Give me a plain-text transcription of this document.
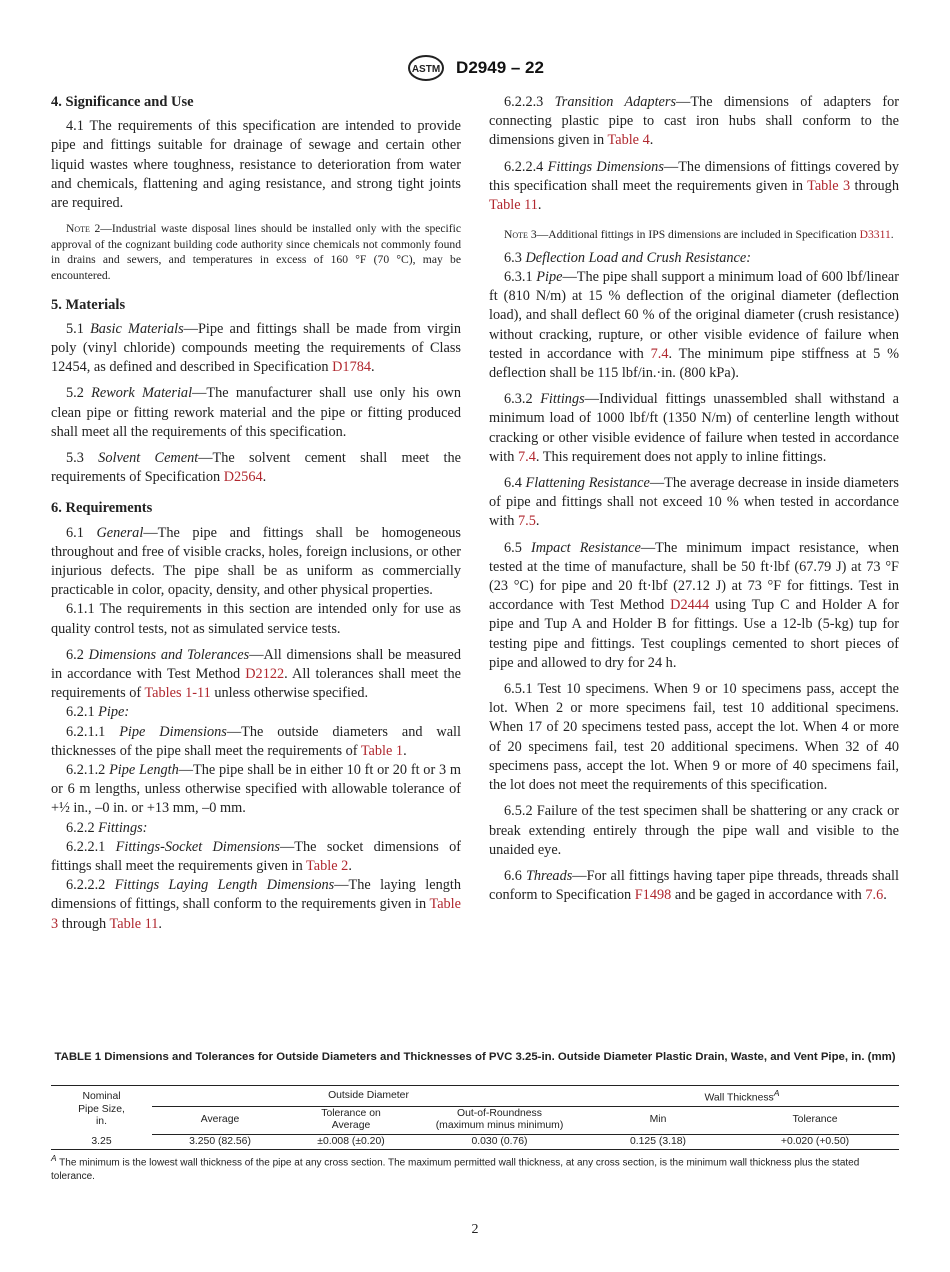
ASTM D2949 – 22
4. Significance and Use

4.1 The requirements of this specification are intended to provide pipe and fittings suitable for drainage of sewage and certain other liquid wastes where toughness, resistance to deterioration from water and chemicals, flattening and aging resistance, and strong tight joints are required.

Note 2—Industrial waste disposal lines should be installed only with the specific approval of the cognizant building code authority since chemicals not commonly found in drains and sewers, and temperatures in excess of 160 °F (70 °C), may be encountered.

5. Materials

5.1 Basic Materials—Pipe and fittings shall be made from virgin poly (vinyl chloride) compounds meeting the requirements of Class 12454, as defined and described in Specification D1784.

5.2 Rework Material—The manufacturer shall use only his own clean pipe or fitting rework material and the pipe or fitting produced shall meet all the requirements of this specification.

5.3 Solvent Cement—The solvent cement shall meet the requirements of Specification D2564.

6. Requirements

6.1 General—The pipe and fittings shall be homogeneous throughout and free of visible cracks, holes, foreign inclusions, or other injurious defects. The pipe shall be as uniform as commercially practicable in color, opacity, density, and other physical properties.

6.1.1 The requirements in this section are intended only for use as quality control tests, not as simulated service tests.

6.2 Dimensions and Tolerances—All dimensions shall be measured in accordance with Test Method D2122. All tolerances shall meet the requirements of Tables 1-11 unless otherwise specified.

6.2.1 Pipe:

6.2.1.1 Pipe Dimensions—The outside diameters and wall thicknesses of the pipe shall meet the requirements of Table 1.

6.2.1.2 Pipe Length—The pipe shall be in either 10 ft or 20 ft or 3 m or 6 m lengths, unless otherwise specified with allowable tolerance of +½ in., –0 in. or +13 mm, –0 mm.

6.2.2 Fittings:

6.2.2.1 Fittings-Socket Dimensions—The socket dimensions of fittings shall meet the requirements given in Table 2.

6.2.2.2 Fittings Laying Length Dimensions—The laying length dimensions of fittings, shall conform to the requirements given in Table 3 through Table 11.

6.2.2.3 Transition Adapters—The dimensions of adapters for connecting plastic pipe to cast iron hubs shall conform to the dimensions given in Table 4.

6.2.2.4 Fittings Dimensions—The dimensions of fittings covered by this specification shall meet the requirements given in Table 3 through Table 11.

Note 3—Additional fittings in IPS dimensions are included in Specification D3311.

6.3 Deflection Load and Crush Resistance:

6.3.1 Pipe—The pipe shall support a minimum load of 600 lbf/linear ft (810 N/m) at 15 % deflection of the original diameter (deflection load), and shall deflect 60 % of the original diameter (crush resistance) without cracking, rupture, or other visible evidence of failure when tested in accordance with 7.4. The minimum pipe stiffness at 5 % deflection shall be 115 lbf/in.·in. (800 kPa).

6.3.2 Fittings—Individual fittings unassembled shall withstand a minimum load of 1000 lbf/ft (1350 N/m) of centerline length without cracking or other visible evidence of failure when tested in accordance with 7.4. This requirement does not apply to inline fittings.

6.4 Flattening Resistance—The average decrease in inside diameters of pipe and fittings shall not exceed 10 % when tested in accordance with 7.5.

6.5 Impact Resistance—The minimum impact resistance, when tested at the time of manufacture, shall be 50 ft·lbf (67.79 J) at 73 °F (23 °C) for pipe and 20 ft·lbf (27.12 J) at 73 °F for fittings. Test in accordance with Test Method D2444 using Tup C and Holder A for pipe and Tup A and Holder B for fittings. Use a 12-lb (5-kg) tup for testing pipe and fittings. Test couplings cemented to short pieces of pipe and allowed to dry for 24 h.

6.5.1 Test 10 specimens. When 9 or 10 specimens pass, accept the lot. When 2 or more specimens fail, test 10 additional specimens. When 17 of 20 specimens tested pass, accept the lot. When 4 or more of 20 specimens fail, test 20 additional specimens. When 32 of 40 specimens pass, accept the lot. When 9 or more of 40 specimens fail, the lot does not meet the requirements of this specification.

6.5.2 Failure of the test specimen shall be shattering or any crack or break extending entirely through the pipe wall and visible to the unaided eye.

6.6 Threads—For all fittings having taper pipe threads, threads shall conform to Specification F1498 and be gaged in accordance with 7.6.

TABLE 1 Dimensions and Tolerances for Outside Diameters and Thicknesses of PVC 3.25-in. Outside Diameter Plastic Drain, Waste, and Vent Pipe, in. (mm)
Nominal
Pipe Size,
in.	Outside Diameter			Wall Thickness$^A$
	Average	Tolerance on
Average	Out-of-Roundness
(maximum minus minimum)	Min	Tolerance
3.25	3.250 (82.56)	±0.008 (±0.20)	0.030 (0.76)	0.125 (3.18)	+0.020 (+0.50)
$^A$ The minimum is the lowest wall thickness of the pipe at any cross section. The maximum permitted wall thickness, at any cross section, is the minimum wall thickness plus the stated tolerance.
2
